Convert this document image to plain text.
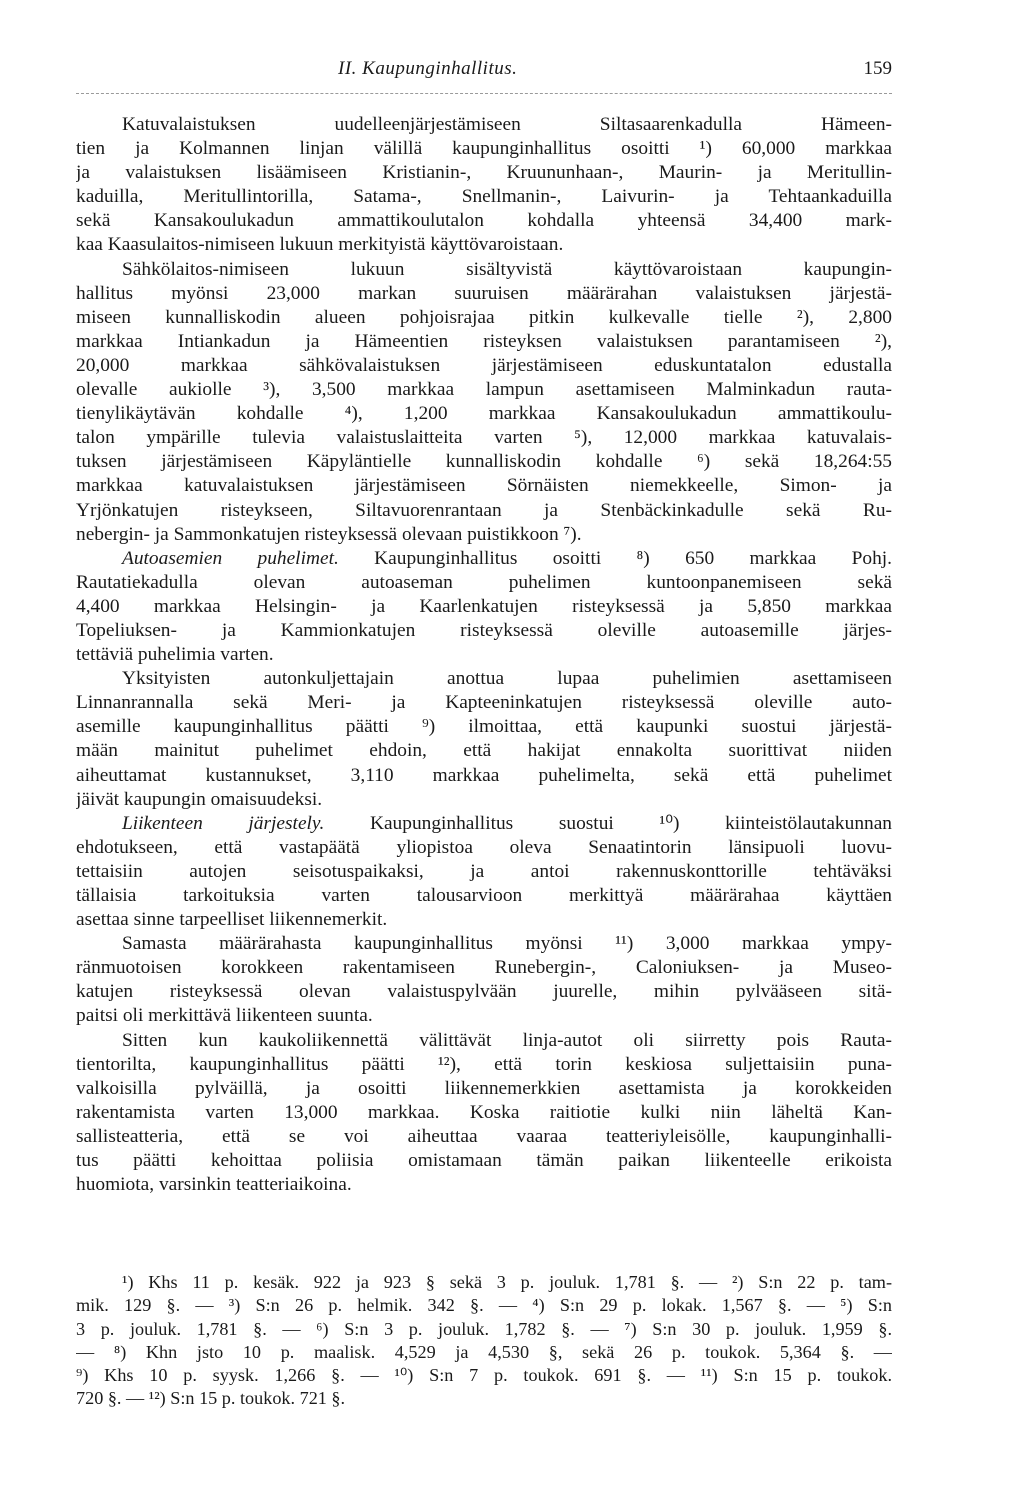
II. Kaupunginhallitus.	159
Katuvalaistuksen uudelleenjärjestämiseen Siltasaarenkadulla Hämeen-
tien ja Kolmannen linjan välillä kaupunginhallitus osoitti ¹) 60,000 markkaa
ja valaistuksen lisäämiseen Kristianin-, Kruununhaan-, Maurin- ja Meritullin-
kaduilla, Meritullintorilla, Satama-, Snellmanin-, Laivurin- ja Tehtaankaduilla
sekä Kansakoulukadun ammattikoulutalon kohdalla yhteensä 34,400 mark-
kaa Kaasulaitos-nimiseen lukuun merkityistä käyttövaroistaan.
Sähkölaitos-nimiseen lukuun sisältyvistä käyttövaroistaan kaupungin-
hallitus myönsi 23,000 markan suuruisen määrärahan valaistuksen järjestä-
miseen kunnalliskodin alueen pohjoisrajaa pitkin kulkevalle tielle ²), 2,800
markkaa Intiankadun ja Hämeentien risteyksen valaistuksen parantamiseen ²),
20,000 markkaa sähkövalaistuksen järjestämiseen eduskuntatalon edustalla
olevalle aukiolle ³), 3,500 markkaa lampun asettamiseen Malminkadun rauta-
tienylikäytävän kohdalle ⁴), 1,200 markkaa Kansakoulukadun ammattikoulu-
talon ympärille tulevia valaistuslaitteita varten ⁵), 12,000 markkaa katuvalais-
tuksen järjestämiseen Käpyläntielle kunnalliskodin kohdalle ⁶) sekä 18,264:55
markkaa katuvalaistuksen järjestämiseen Sörnäisten niemekkeelle, Simon- ja
Yrjönkatujen risteykseen, Siltavuorenrantaan ja Stenbäckinkadulle sekä Ru-
nebergin- ja Sammonkatujen risteyksessä olevaan puistikkoon ⁷).
Autoasemien puhelimet. Kaupunginhallitus osoitti ⁸) 650 markkaa Pohj.
Rautatiekadulla olevan autoaseman puhelimen kuntoonpanemiseen sekä
4,400 markkaa Helsingin- ja Kaarlenkatujen risteyksessä ja 5,850 markkaa
Topeliuksen- ja Kammionkatujen risteyksessä oleville autoasemille järjes-
tettäviä puhelimia varten.
Yksityisten autonkuljettajain anottua lupaa puhelimien asettamiseen
Linnanrannalla sekä Meri- ja Kapteeninkatujen risteyksessä oleville auto-
asemille kaupunginhallitus päätti ⁹) ilmoittaa, että kaupunki suostui järjestä-
mään mainitut puhelimet ehdoin, että hakijat ennakolta suorittivat niiden
aiheuttamat kustannukset, 3,110 markkaa puhelimelta, sekä että puhelimet
jäivät kaupungin omaisuudeksi.
Liikenteen järjestely. Kaupunginhallitus suostui ¹⁰) kiinteistölautakunnan
ehdotukseen, että vastapäätä yliopistoa oleva Senaatintorin länsipuoli luovu-
tettaisiin autojen seisotuspaikaksi, ja antoi rakennuskonttorille tehtäväksi
tällaisia tarkoituksia varten talousarvioon merkittyä määrärahaa käyttäen
asettaa sinne tarpeelliset liikennemerkit.
Samasta määrärahasta kaupunginhallitus myönsi ¹¹) 3,000 markkaa ympy-
ränmuotoisen korokkeen rakentamiseen Runebergin-, Caloniuksen- ja Museo-
katujen risteyksessä olevan valaistuspylvään juurelle, mihin pylvääseen sitä-
paitsi oli merkittävä liikenteen suunta.
Sitten kun kaukoliikennettä välittävät linja-autot oli siirretty pois Rauta-
tientorilta, kaupunginhallitus päätti ¹²), että torin keskiosa suljettaisiin puna-
valkoisilla pylväillä, ja osoitti liikennemerkkien asettamista ja korokkeiden
rakentamista varten 13,000 markkaa. Koska raitiotie kulki niin läheltä Kan-
sallisteatteria, että se voi aiheuttaa vaaraa teatteriyleisölle, kaupunginhalli-
tus päätti kehoittaa poliisia omistamaan tämän paikan liikenteelle erikoista
huomiota, varsinkin teatteriaikoina.
¹) Khs 11 p. kesäk. 922 ja 923 § sekä 3 p. jouluk. 1,781 §. — ²) S:n 22 p. tam-
mik. 129 §. — ³) S:n 26 p. helmik. 342 §. — ⁴) S:n 29 p. lokak. 1,567 §. — ⁵) S:n
3 p. jouluk. 1,781 §. — ⁶) S:n 3 p. jouluk. 1,782 §. — ⁷) S:n 30 p. jouluk. 1,959 §.
— ⁸) Khn jsto 10 p. maalisk. 4,529 ja 4,530 §, sekä 26 p. toukok. 5,364 §. —
⁹) Khs 10 p. syysk. 1,266 §. — ¹⁰) S:n 7 p. toukok. 691 §. — ¹¹) S:n 15 p. toukok.
720 §. — ¹²) S:n 15 p. toukok. 721 §.
